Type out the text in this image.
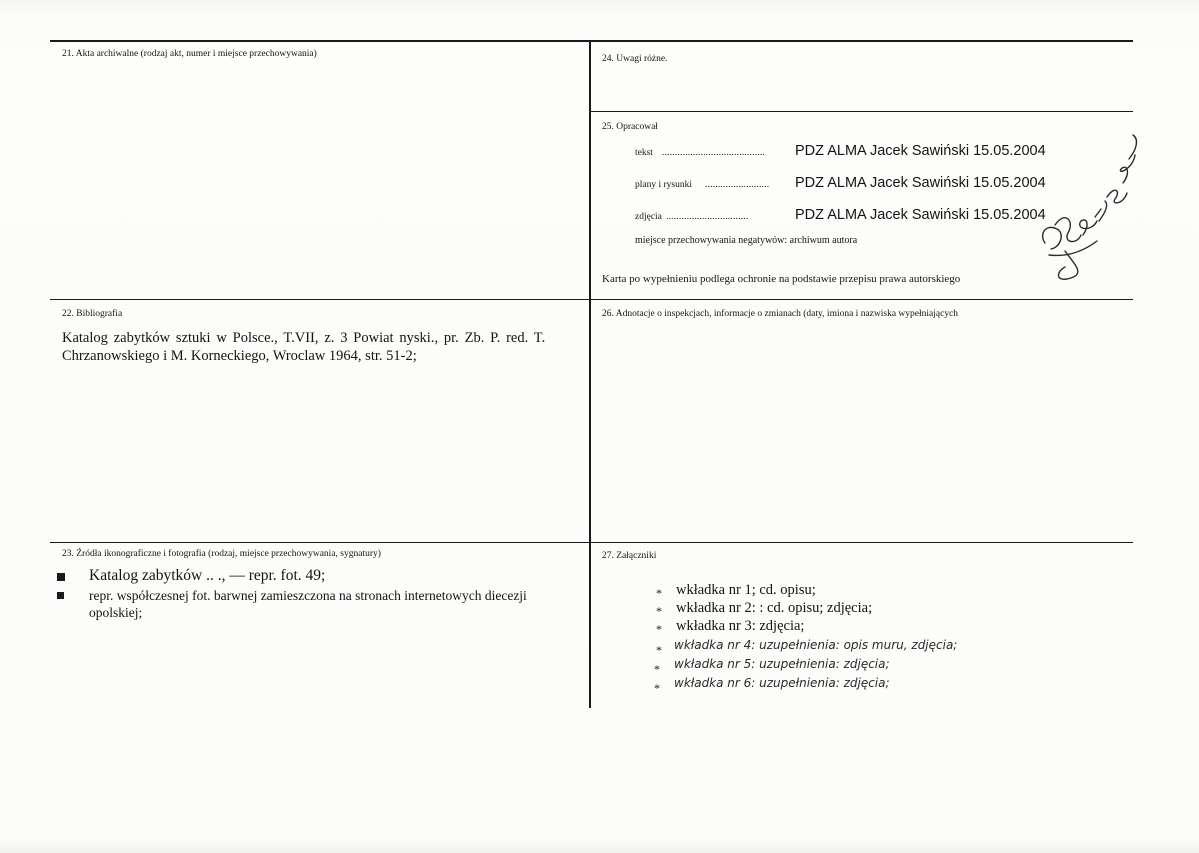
21. Akta archiwalne (rodzaj akt, numer i miejsce przechowywania)	24. Uwagi różne.
25. Opracował
tekst ........................................ PDZ ALMA Jacek Sawiński 15.05.2004
plany i rysunki ......................... PDZ ALMA Jacek Sawiński 15.05.2004
zdjęcia ................................	PDZ ALMA Jacek Sawiński 15.05.2004
miejsce przechowywania negatywów: archiwum autora
Karta po wypełnieniu podlega ochronie na podstawie przepisu prawa autorskiego
22. Bibliografia
Katalog zabytków sztuki w Polsce., T.VII, z. 3 Powiat nyski., pr. Zb. P. red. T.
Chrzanowskiego i M. Korneckiego, Wroclaw 1964, str. 51-2;
26. Adnotacje o inspekcjach, informacje o zmianach (daty, imiona i nazwiska wypełniających
23. Źródła ikonograficzne i fotografia (rodzaj, miejsce przechowywania, sygnatury)
Katalog zabytków .. ., — repr. fot. 49;
repr. współczesnej fot. barwnej zamieszczona na stronach internetowych diecezji
opolskiej;
27. Załączniki
* wkładka nr 1; cd. opisu;
* wkładka nr 2: : cd. opisu; zdjęcia;
* wkładka nr 3: zdjęcia;
* wkładka nr 4: uzupełnienia: opis muru, zdjęcia;
* wkładka nr 5: uzupełnienia: zdjęcia;
* wkładka nr 6: uzupełnienia: zdjęcia;
